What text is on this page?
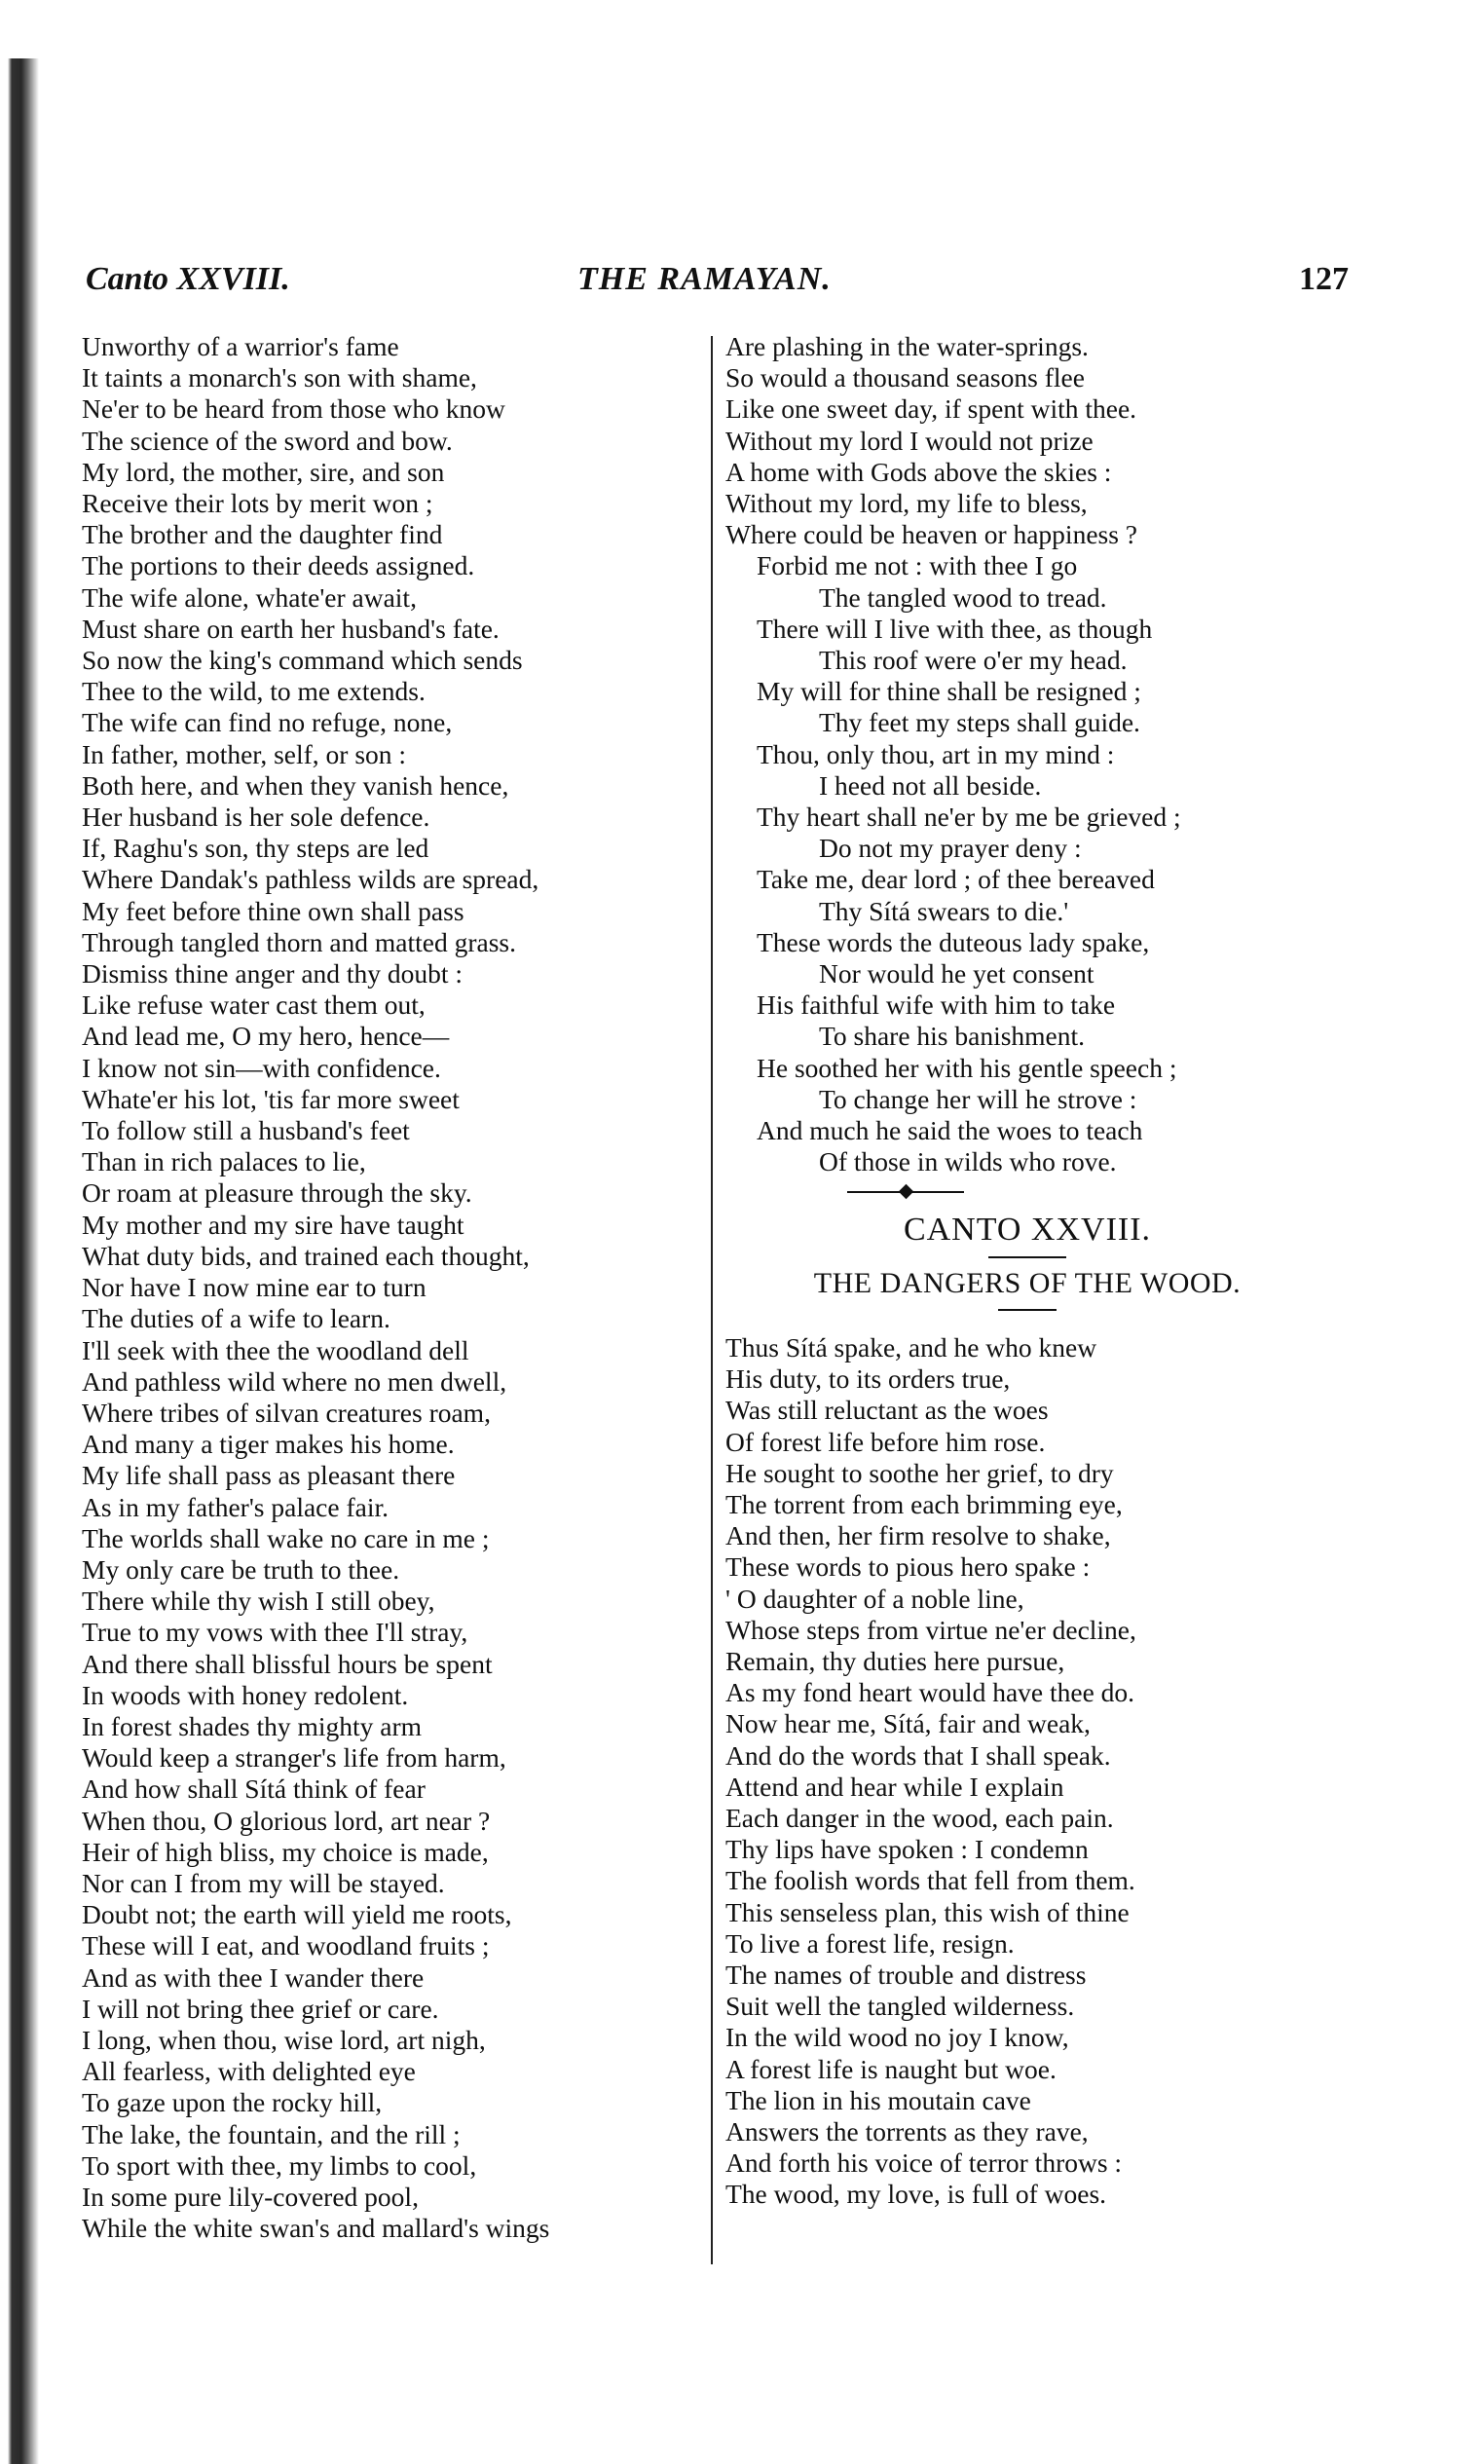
Canto XXVIII.	THE RAMAYAN.	127
Unworthy of a warrior's fame
It taints a monarch's son with shame,
Ne'er to be heard from those who know
The science of the sword and bow.
My lord, the mother, sire, and son
Receive their lots by merit won ;
The brother and the daughter find
The portions to their deeds assigned.
The wife alone, whate'er await,
Must share on earth her husband's fate.
So now the king's command which sends
Thee to the wild, to me extends.
The wife can find no refuge, none,
In father, mother, self, or son :
Both here, and when they vanish hence,
Her husband is her sole defence.
If, Raghu's son, thy steps are led
Where Dandak's pathless wilds are spread,
My feet before thine own shall pass
Through tangled thorn and matted grass.
Dismiss thine anger and thy doubt :
Like refuse water cast them out,
And lead me, O my hero, hence—
I know not sin—with confidence.
Whate'er his lot, 'tis far more sweet
To follow still a husband's feet
Than in rich palaces to lie,
Or roam at pleasure through the sky.
My mother and my sire have taught
What duty bids, and trained each thought,
Nor have I now mine ear to turn
The duties of a wife to learn.
I'll seek with thee the woodland dell
And pathless wild where no men dwell,
Where tribes of silvan creatures roam,
And many a tiger makes his home.
My life shall pass as pleasant there
As in my father's palace fair.
The worlds shall wake no care in me ;
My only care be truth to thee.
There while thy wish I still obey,
True to my vows with thee I'll stray,
And there shall blissful hours be spent
In woods with honey redolent.
In forest shades thy mighty arm
Would keep a stranger's life from harm,
And how shall Sítá think of fear
When thou, O glorious lord, art near ?
Heir of high bliss, my choice is made,
Nor can I from my will be stayed.
Doubt not; the earth will yield me roots,
These will I eat, and woodland fruits ;
And as with thee I wander there
I will not bring thee grief or care.
I long, when thou, wise lord, art nigh,
All fearless, with delighted eye
To gaze upon the rocky hill,
The lake, the fountain, and the rill ;
To sport with thee, my limbs to cool,
In some pure lily-covered pool,
While the white swan's and mallard's wings
Are plashing in the water-springs.
So would a thousand seasons flee
Like one sweet day, if spent with thee.
Without my lord I would not prize
A home with Gods above the skies :
Without my lord, my life to bless,
Where could be heaven or happiness ?
Forbid me not : with thee I go
The tangled wood to tread.
There will I live with thee, as though
This roof were o'er my head.
My will for thine shall be resigned ;
Thy feet my steps shall guide.
Thou, only thou, art in my mind :
I heed not all beside.
Thy heart shall ne'er by me be grieved ;
Do not my prayer deny :
Take me, dear lord ; of thee bereaved
Thy Sítá swears to die.'
These words the duteous lady spake,
Nor would he yet consent
His faithful wife with him to take
To share his banishment.
He soothed her with his gentle speech ;
To change her will he strove :
And much he said the woes to teach
Of those in wilds who rove.
CANTO XXVIII.
THE DANGERS OF THE WOOD.
Thus Sítá spake, and he who knew
His duty, to its orders true,
Was still reluctant as the woes
Of forest life before him rose.
He sought to soothe her grief, to dry
The torrent from each brimming eye,
And then, her firm resolve to shake,
These words to pious hero spake :
' O daughter of a noble line,
Whose steps from virtue ne'er decline,
Remain, thy duties here pursue,
As my fond heart would have thee do.
Now hear me, Sítá, fair and weak,
And do the words that I shall speak.
Attend and hear while I explain
Each danger in the wood, each pain.
Thy lips have spoken : I condemn
The foolish words that fell from them.
This senseless plan, this wish of thine
To live a forest life, resign.
The names of trouble and distress
Suit well the tangled wilderness.
In the wild wood no joy I know,
A forest life is naught but woe.
The lion in his moutain cave
Answers the torrents as they rave,
And forth his voice of terror throws :
The wood, my love, is full of woes.
